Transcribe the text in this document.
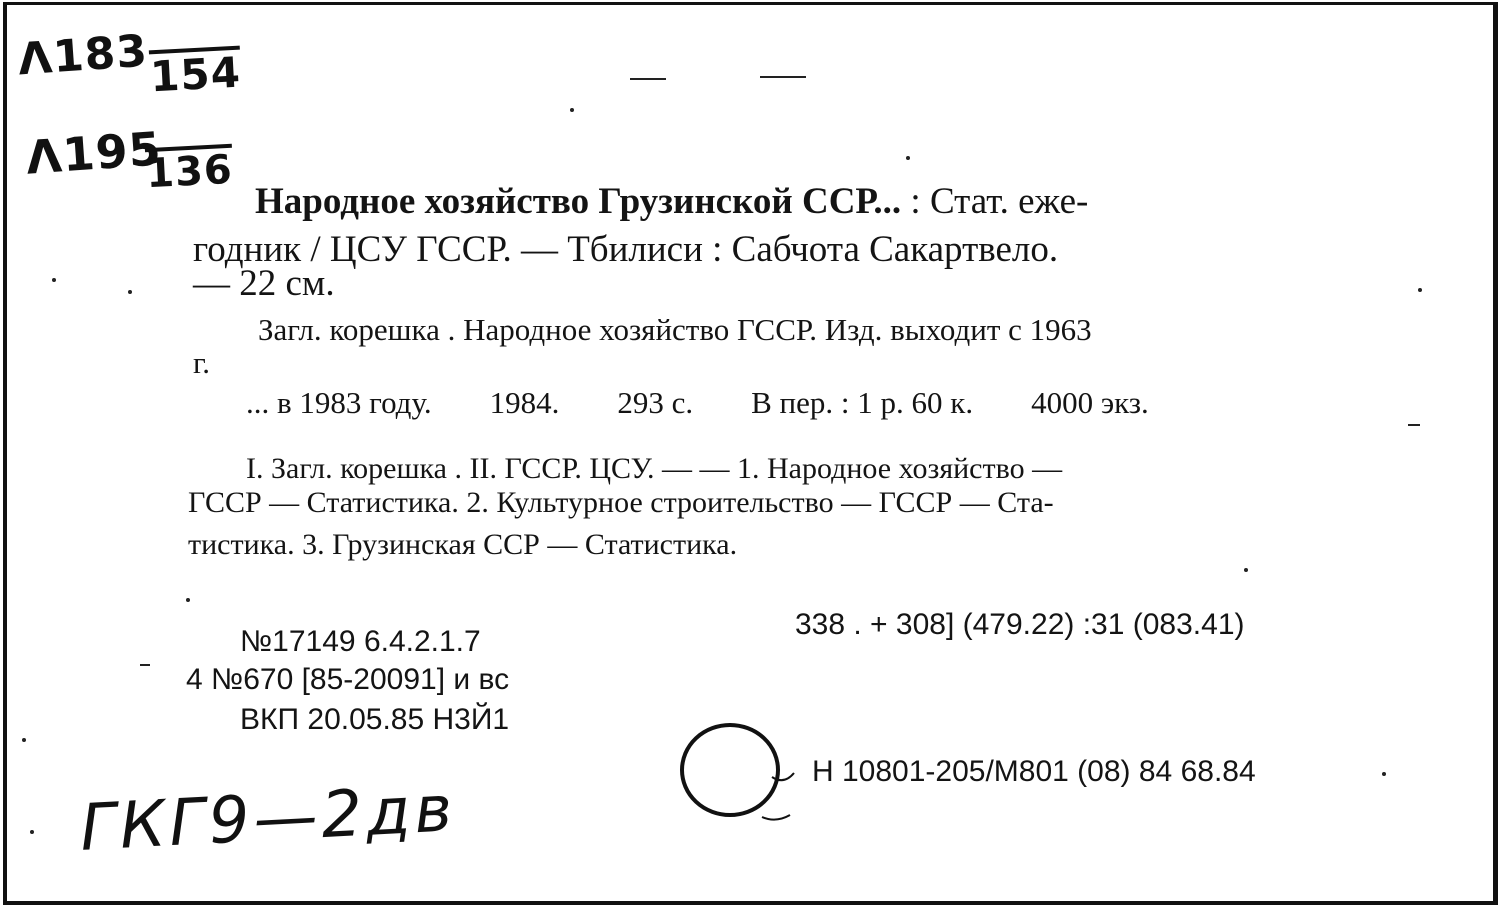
Λ183 154
Λ195
136
Народное хозяйство Грузинской ССР... : Стат. еже-
годник / ЦСУ ГССР. — Тбилиси : Сабчота Сакартвело.
— 22 см.
Загл. корешка . Народное хозяйство ГССР. Изд. выходит с 1963
г.
... в 1983 году. 1984. 293 с. В пер. : 1 р. 60 к. 4000 экз.
I. Загл. корешка . II. ГССР. ЦСУ. — — 1. Народное хозяйство —
ГССР — Статистика. 2. Культурное строительство — ГССР — Ста-
тистика. 3. Грузинская ССР — Статистика.
338 . + 308] (479.22) :31 (083.41)
№17149 6.4.2.1.7
4 №670 [85-20091] и вс
ВКП 20.05.85 Н3Й1
Н 10801-205/М801 (08) 84 68.84
ГКГ9—2дв
